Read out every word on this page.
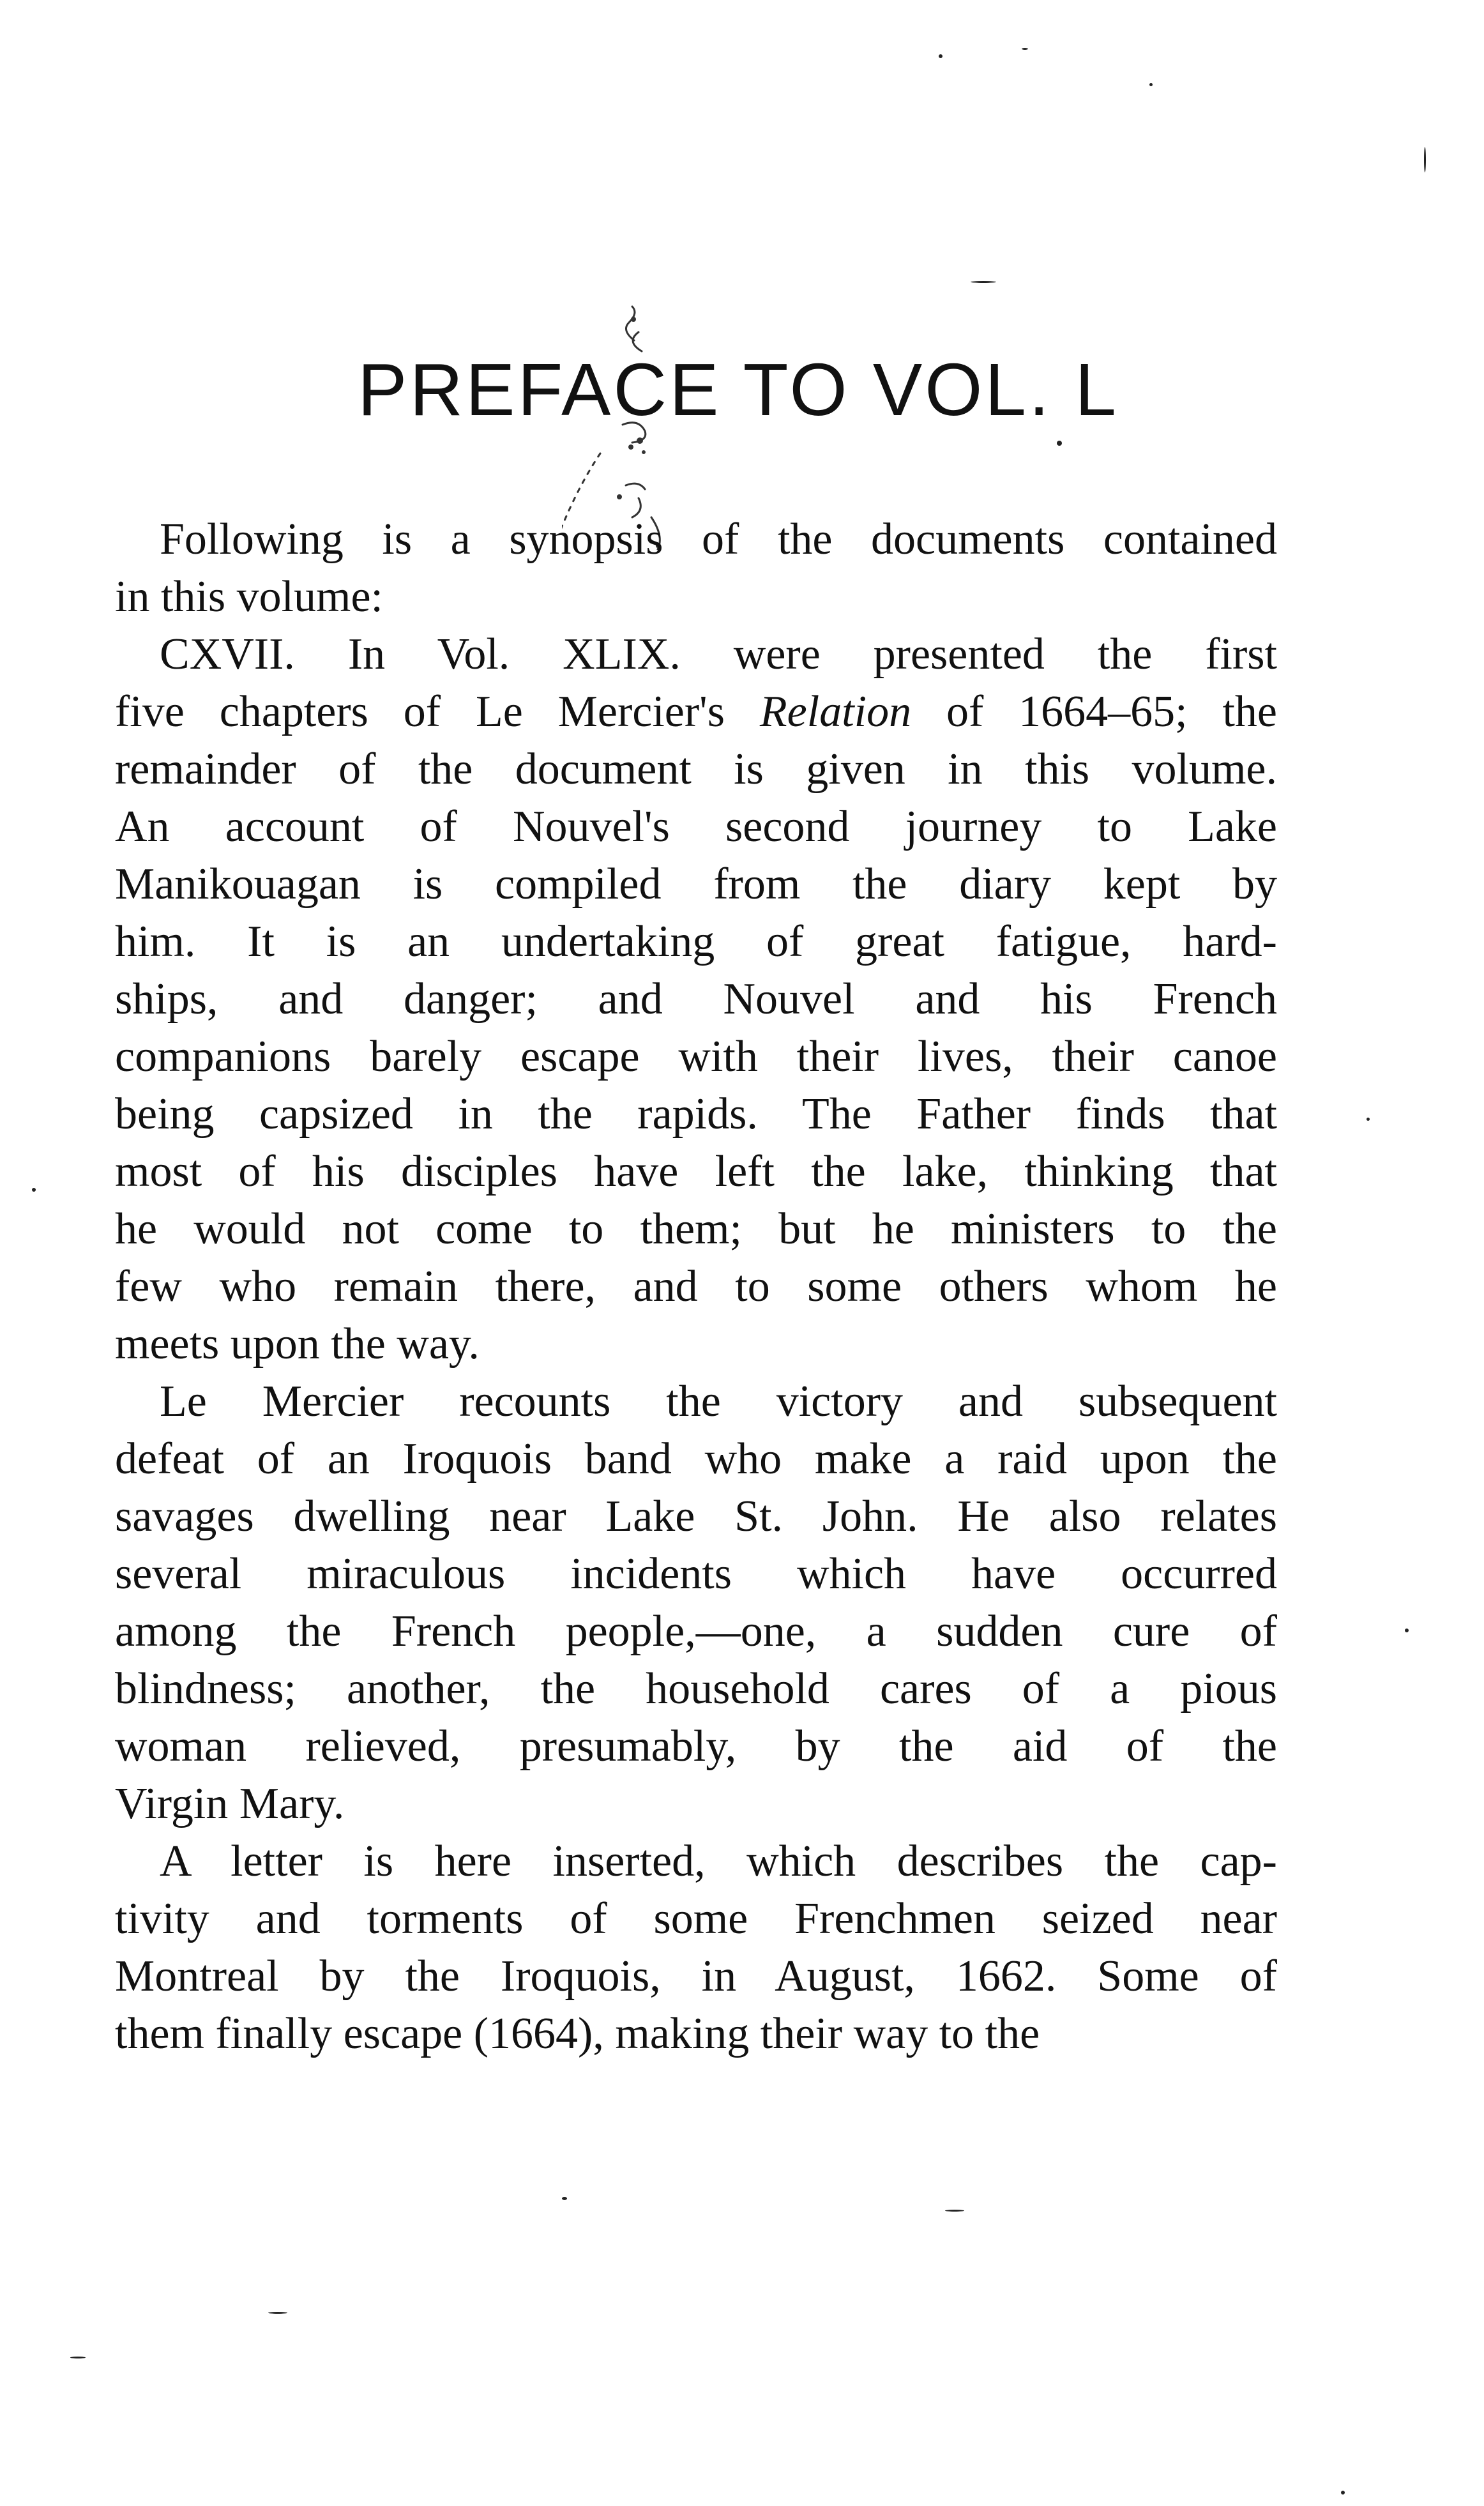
PREFACE TO VOL. L
Following is a synopsis of the documents contained
in this volume:
CXVII. In Vol. XLIX. were presented the first
five chapters of Le Mercier's Relation of 1664–65; the
remainder of the document is given in this volume.
An account of Nouvel's second journey to Lake
Manikouagan is compiled from the diary kept by
him. It is an undertaking of great fatigue, hard-
ships, and danger; and Nouvel and his French
companions barely escape with their lives, their canoe
being capsized in the rapids. The Father finds that
most of his disciples have left the lake, thinking that
he would not come to them; but he ministers to the
few who remain there, and to some others whom he
meets upon the way.
Le Mercier recounts the victory and subsequent
defeat of an Iroquois band who make a raid upon the
savages dwelling near Lake St. John. He also relates
several miraculous incidents which have occurred
among the French people,—one, a sudden cure of
blindness; another, the household cares of a pious
woman relieved, presumably, by the aid of the
Virgin Mary.
A letter is here inserted, which describes the cap-
tivity and torments of some Frenchmen seized near
Montreal by the Iroquois, in August, 1662. Some of
them finally escape (1664), making their way to the
